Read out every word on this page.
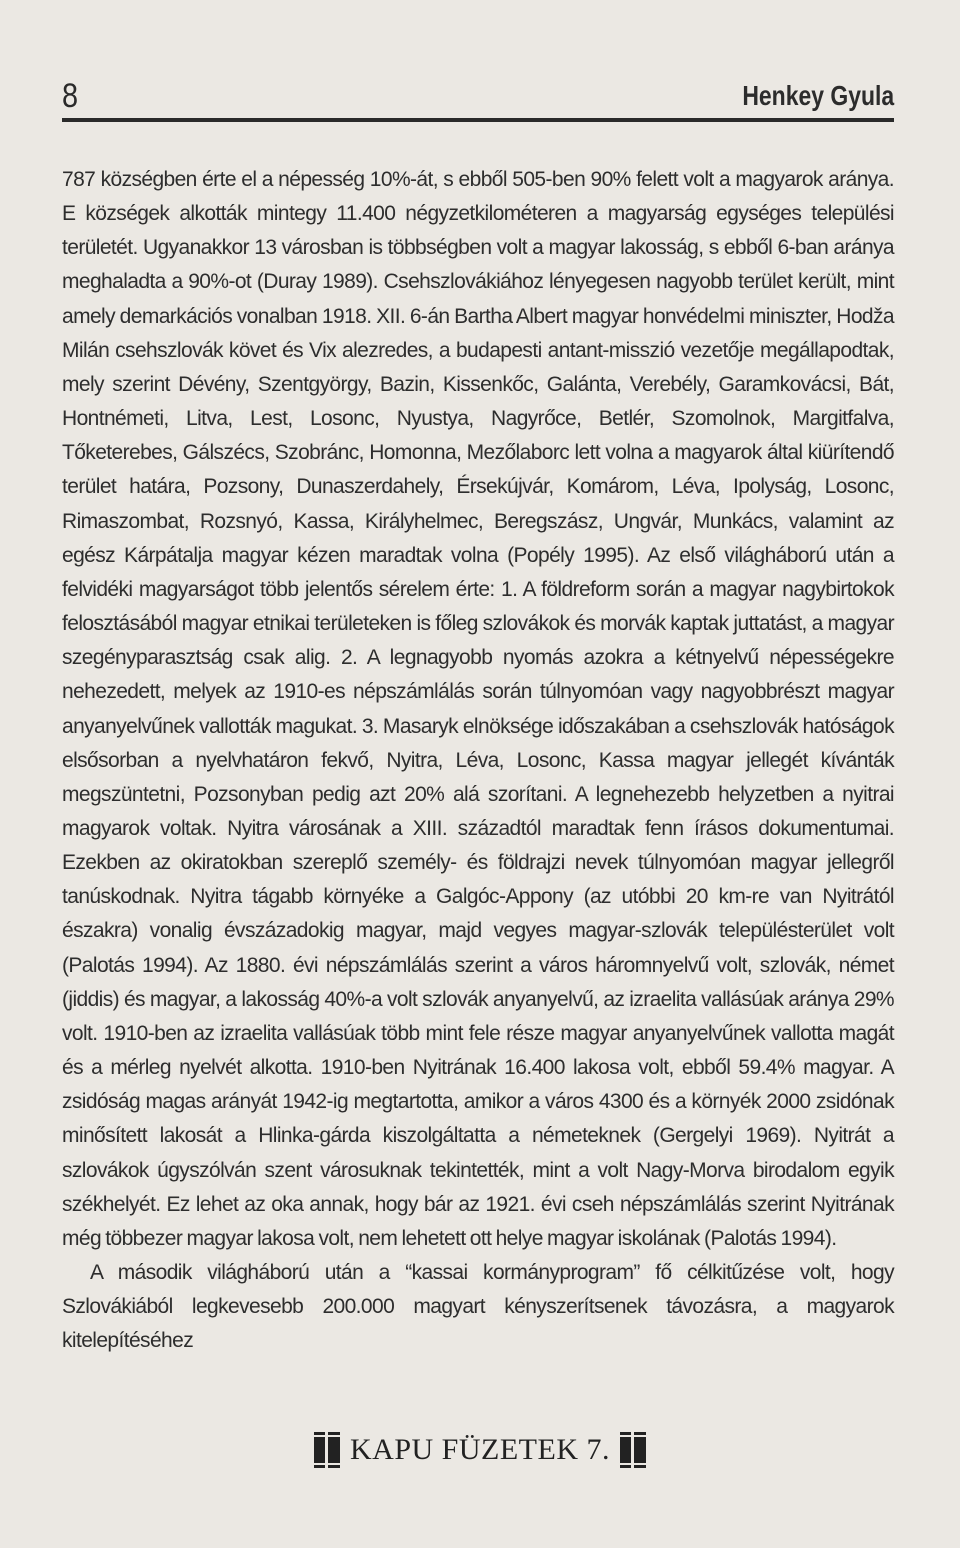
8	Henkey Gyula

787 községben érte el a népesség 10%-át, s ebből 505-ben 90% felett volt a magyarok aránya. E községek alkották mintegy 11.400 négyzetkilométeren a magyarság egységes települési területét. Ugyanakkor 13 városban is többségben volt a magyar lakosság, s ebből 6-ban aránya meghaladta a 90%-ot (Duray 1989). Csehszlovákiához lényegesen nagyobb terület került, mint amely demarkációs vonalban 1918. XII. 6-án Bartha Albert magyar honvédelmi miniszter, Hodža Milán csehszlovák követ és Vix alezredes, a budapesti antant-misszió vezetője megállapodtak, mely szerint Dévény, Szentgyörgy, Bazin, Kissenkőc, Galánta, Verebély, Garamkovácsi, Bát, Hontnémeti, Litva, Lest, Losonc, Nyustya, Nagyrőce, Betlér, Szomolnok, Margitfalva, Tőketerebes, Gálszécs, Szobránc, Homonna, Mezőlaborc lett volna a magyarok által kiürítendő terület határa, Pozsony, Dunaszerdahely, Érsekújvár, Komárom, Léva, Ipolyság, Losonc, Rimaszombat, Rozsnyó, Kassa, Királyhelmec, Beregszász, Ungvár, Munkács, valamint az egész Kárpátalja magyar kézen maradtak volna (Popély 1995). Az első világháború után a felvidéki magyarságot több jelentős sérelem érte: 1. A földreform során a magyar nagybirtokok felosztásából magyar etnikai területeken is főleg szlovákok és morvák kaptak juttatást, a magyar szegényparasztság csak alig. 2. A legnagyobb nyomás azokra a kétnyelvű népességekre nehezedett, melyek az 1910-es népszámlálás során túlnyomóan vagy nagyobbrészt magyar anyanyelvűnek vallották magukat. 3. Masaryk elnöksége időszakában a csehszlovák hatóságok elsősorban a nyelvhatáron fekvő, Nyitra, Léva, Losonc, Kassa magyar jellegét kívánták megszüntetni, Pozsonyban pedig azt 20% alá szorítani. A legnehezebb helyzetben a nyitrai magyarok voltak. Nyitra városának a XIII. századtól maradtak fenn írásos dokumentumai. Ezekben az okiratokban szereplő személy- és földrajzi nevek túlnyomóan magyar jellegről tanúskodnak. Nyitra tágabb környéke a Galgóc-Appony (az utóbbi 20 km-re van Nyitrától északra) vonalig évszázadokig magyar, majd vegyes magyar-szlovák településterület volt (Palotás 1994). Az 1880. évi népszámlálás szerint a város háromnyelvű volt, szlovák, német (jiddis) és magyar, a lakosság 40%-a volt szlovák anyanyelvű, az izraelita vallásúak aránya 29% volt. 1910-ben az izraelita vallásúak több mint fele része magyar anyanyelvűnek vallotta magát és a mérleg nyelvét alkotta. 1910-ben Nyitrának 16.400 lakosa volt, ebből 59.4% magyar. A zsidóság magas arányát 1942-ig megtartotta, amikor a város 4300 és a környék 2000 zsidónak minősített lakosát a Hlinka-gárda kiszolgáltatta a németeknek (Gergelyi 1969). Nyitrát a szlovákok úgyszólván szent városuknak tekintették, mint a volt Nagy-Morva birodalom egyik székhelyét. Ez lehet az oka annak, hogy bár az 1921. évi cseh népszámlálás szerint Nyitrának még többezer magyar lakosa volt, nem lehetett ott helye magyar iskolának (Palotás 1994).

A második világháború után a “kassai kormányprogram” fő célkitűzése volt, hogy Szlovákiából legkevesebb 200.000 magyart kényszerítsenek távozásra, a magyarok kitelepítéséhez

KAPU FÜZETEK 7.
